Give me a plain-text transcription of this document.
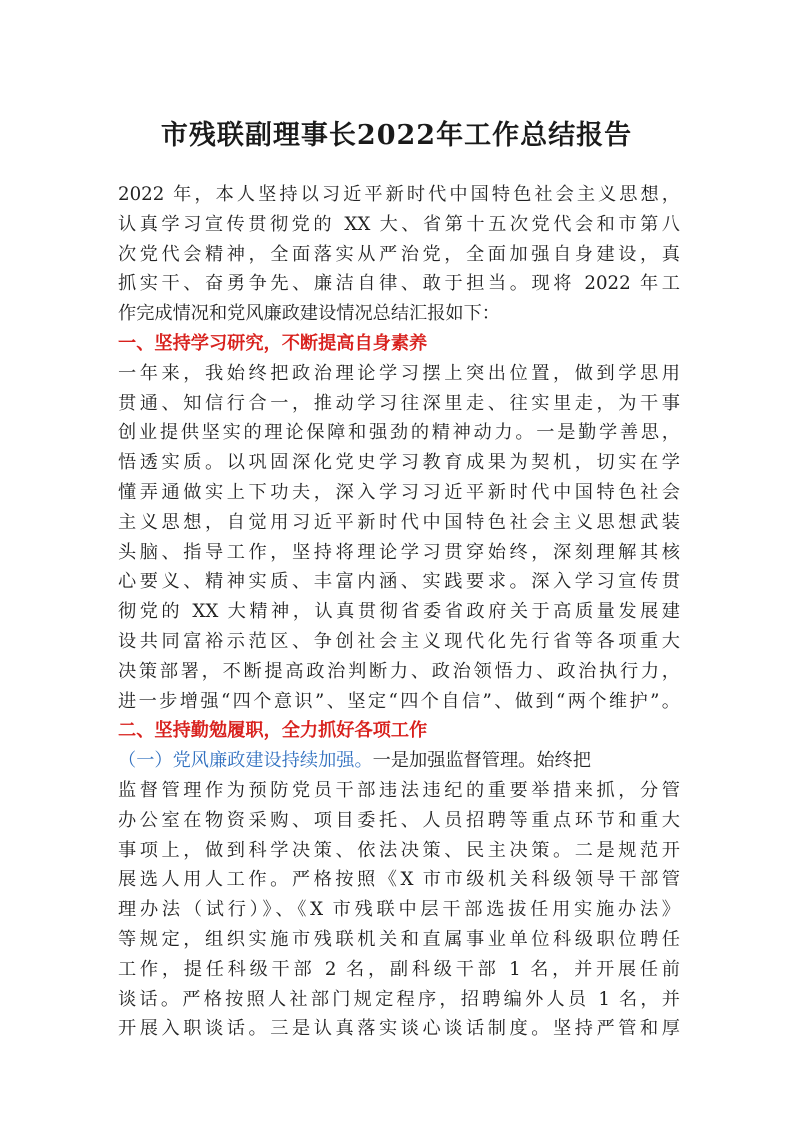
市残联副理事长2022年工作总结报告
2022 年，本人坚持以习近平新时代中国特色社会主义思想，
认真学习宣传贯彻党的 XX 大、省第十五次党代会和市第八
次党代会精神，全面落实从严治党，全面加强自身建设，真
抓实干、奋勇争先、廉洁自律、敢于担当。现将 2022 年工
作完成情况和党风廉政建设情况总结汇报如下：
一、坚持学习研究，不断提高自身素养
一年来，我始终把政治理论学习摆上突出位置，做到学思用
贯通、知信行合一，推动学习往深里走、往实里走，为干事
创业提供坚实的理论保障和强劲的精神动力。一是勤学善思，
悟透实质。以巩固深化党史学习教育成果为契机，切实在学
懂弄通做实上下功夫，深入学习习近平新时代中国特色社会
主义思想，自觉用习近平新时代中国特色社会主义思想武装
头脑、指导工作，坚持将理论学习贯穿始终，深刻理解其核
心要义、精神实质、丰富内涵、实践要求。深入学习宣传贯
彻党的 XX 大精神，认真贯彻省委省政府关于高质量发展建
设共同富裕示范区、争创社会主义现代化先行省等各项重大
决策部署，不断提高政治判断力、政治领悟力、政治执行力，
进一步增强“四个意识”、坚定“四个自信”、做到“两个维护”。
二、坚持勤勉履职，全力抓好各项工作
（一）党风廉政建设持续加强。一是加强监督管理。始终把
监督管理作为预防党员干部违法违纪的重要举措来抓，分管
办公室在物资采购、项目委托、人员招聘等重点环节和重大
事项上，做到科学决策、依法决策、民主决策。二是规范开
展选人用人工作。严格按照《X 市市级机关科级领导干部管
理办法（试行）》、《X 市残联中层干部选拔任用实施办法》
等规定，组织实施市残联机关和直属事业单位科级职位聘任
工作，提任科级干部 2 名，副科级干部 1 名，并开展任前
谈话。严格按照人社部门规定程序，招聘编外人员 1 名，并
开展入职谈话。三是认真落实谈心谈话制度。坚持严管和厚
